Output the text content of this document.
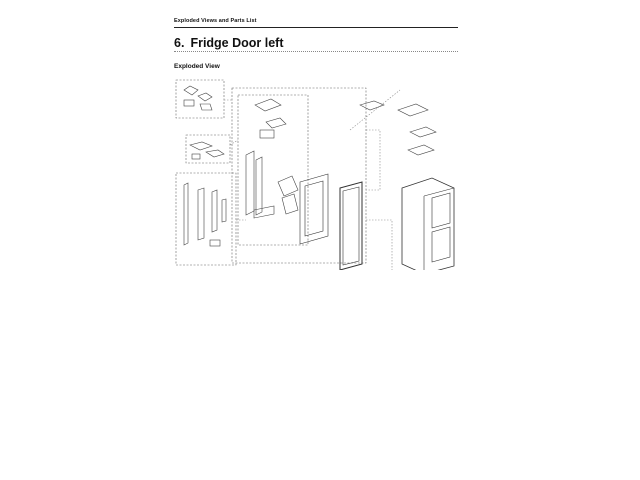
Exploded Views and Parts List
6. Fridge Door left
Exploded View
